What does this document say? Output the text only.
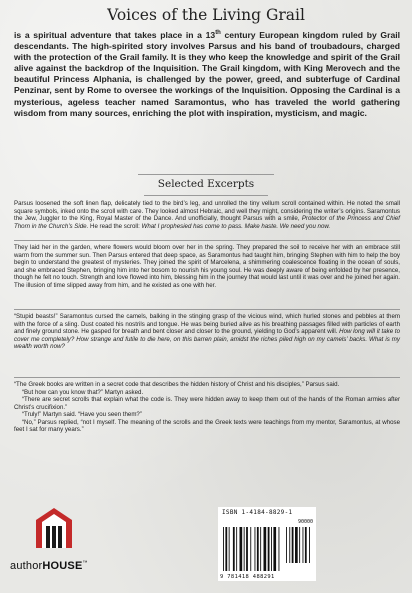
Voices of the Living Grail
is a spiritual adventure that takes place in a 13th century European kingdom ruled by Grail descendants. The high-spirited story involves Parsus and his band of troubadours, charged with the protection of the Grail family. It is they who keep the knowledge and spirit of the Grail alive against the backdrop of the Inquisition. The Grail kingdom, with King Merovech and the beautiful Princess Alphania, is challenged by the power, greed, and subterfuge of Cardinal Penzinar, sent by Rome to oversee the workings of the Inquisition. Opposing the Cardinal is a mysterious, ageless teacher named Saramontus, who has traveled the world gathering wisdom from many sources, enriching the plot with inspiration, mysticism, and magic.
Selected Excerpts

Parsus loosened the soft linen flap, delicately tied to the bird’s leg, and unrolled the tiny vellum scroll contained within. He noted the small square symbols, inked onto the scroll with care. They looked almost Hebraic, and well they might, considering the writer’s origins. Saramontus the Jew, Juggler to the King, Royal Master of the Dance. And unofficially, thought Parsus with a smile, Protector of the Princess and Chief Thorn in the Church’s Side. He read the scroll: What I prophesied has come to pass. Make haste. We need you now.

They laid her in the garden, where flowers would bloom over her in the spring. They prepared the soil to receive her with an embrace still warm from the summer sun. Then Parsus entered that deep space, as Saramontus had taught him, bringing Stephen with him to help the boy begin to understand the greatest of mysteries. They joined the spirit of Marcelena, a shimmering coalescence floating in the ocean of souls, and she embraced Stephen, bringing him into her bosom to nourish his young soul. He was deeply aware of being enfolded by her presence, though he felt no touch. Strength and love flowed into him, blessing him in the journey that would last until it was over and he joined her again. The illusion of time slipped away from him, and he existed as one with her.

“Stupid beasts!” Saramontus cursed the camels, balking in the stinging grasp of the vicious wind, which hurled stones and pebbles at them with the force of a sling. Dust coated his nostrils and tongue. He was being buried alive as his breathing passages filled with particles of earth and finely ground stone. He gasped for breath and bent closer and closer to the ground, yielding to God’s apparent will. How long will it take to cover me completely? How strange and futile to die here, on this barren plain, amidst the riches piled high on my camels’ backs. What is my wealth worth now?

“The Greek books are written in a secret code that describes the hidden history of Christ and his disciples,” Parsus said.

“But how can you know that?” Martyn asked.

“There are secret scrolls that explain what the code is. They were hidden away to keep them out of the hands of the Roman armies after Christ’s crucifixion.”

“Truly!” Martyn said. “Have you seen them?”

“No,” Parsus replied, “not I myself. The meaning of the scrolls and the Greek texts were teachings from my mentor, Saramontus, at whose feet I sat for many years.”

authorHOUSE™
ISBN 1-4184-8829-1
90000
9 781418 488291
